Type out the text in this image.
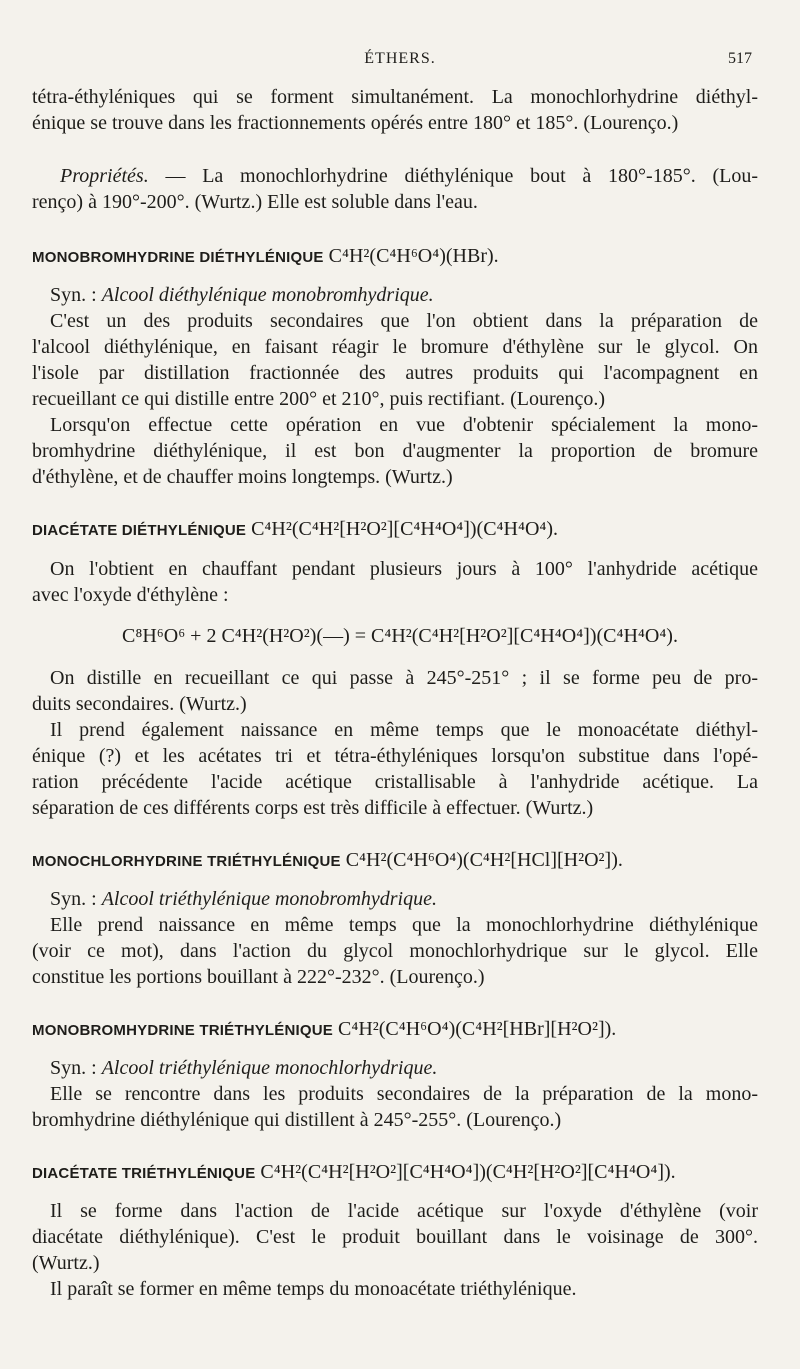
ÉTHERS.	517
tétra-éthyléniques qui se forment simultanément. La monochlorhydrine diéthyl-
énique se trouve dans les fractionnements opérés entre 180° et 185°. (Lourenço.)
Propriétés. — La monochlorhydrine diéthylénique bout à 180°-185°. (Lou-
renço) à 190°-200°. (Wurtz.) Elle est soluble dans l'eau.
MONOBROMHYDRINE DIÉTHYLÉNIQUE C⁴H²(C⁴H⁶O⁴)(HBr).
Syn. : Alcool diéthylénique monobromhydrique.
C'est un des produits secondaires que l'on obtient dans la préparation de
l'alcool diéthylénique, en faisant réagir le bromure d'éthylène sur le glycol. On
l'isole par distillation fractionnée des autres produits qui l'acompagnent en
recueillant ce qui distille entre 200° et 210°, puis rectifiant. (Lourenço.)
Lorsqu'on effectue cette opération en vue d'obtenir spécialement la mono-
bromhydrine diéthylénique, il est bon d'augmenter la proportion de bromure
d'éthylène, et de chauffer moins longtemps. (Wurtz.)
DIACÉTATE DIÉTHYLÉNIQUE C⁴H²(C⁴H²[H²O²][C⁴H⁴O⁴])(C⁴H⁴O⁴).
On l'obtient en chauffant pendant plusieurs jours à 100° l'anhydride acétique
avec l'oxyde d'éthylène :
C⁸H⁶O⁶ + 2 C⁴H²(H²O²)(—) = C⁴H²(C⁴H²[H²O²][C⁴H⁴O⁴])(C⁴H⁴O⁴).
On distille en recueillant ce qui passe à 245°-251° ; il se forme peu de pro-
duits secondaires. (Wurtz.)
Il prend également naissance en même temps que le monoacétate diéthyl-
énique (?) et les acétates tri et tétra-éthyléniques lorsqu'on substitue dans l'opé-
ration précédente l'acide acétique cristallisable à l'anhydride acétique. La
séparation de ces différents corps est très difficile à effectuer. (Wurtz.)
MONOCHLORHYDRINE TRIÉTHYLÉNIQUE C⁴H²(C⁴H⁶O⁴)(C⁴H²[HCl][H²O²]).
Syn. : Alcool triéthylénique monobromhydrique.
Elle prend naissance en même temps que la monochlorhydrine diéthylénique
(voir ce mot), dans l'action du glycol monochlorhydrique sur le glycol. Elle
constitue les portions bouillant à 222°-232°. (Lourenço.)
MONOBROMHYDRINE TRIÉTHYLÉNIQUE C⁴H²(C⁴H⁶O⁴)(C⁴H²[HBr][H²O²]).
Syn. : Alcool triéthylénique monochlorhydrique.
Elle se rencontre dans les produits secondaires de la préparation de la mono-
bromhydrine diéthylénique qui distillent à 245°-255°. (Lourenço.)
DIACÉTATE TRIÉTHYLÉNIQUE C⁴H²(C⁴H²[H²O²][C⁴H⁴O⁴])(C⁴H²[H²O²][C⁴H⁴O⁴]).
Il se forme dans l'action de l'acide acétique sur l'oxyde d'éthylène (voir
diacétate diéthylénique). C'est le produit bouillant dans le voisinage de 300°.
(Wurtz.)
Il paraît se former en même temps du monoacétate triéthylénique.
